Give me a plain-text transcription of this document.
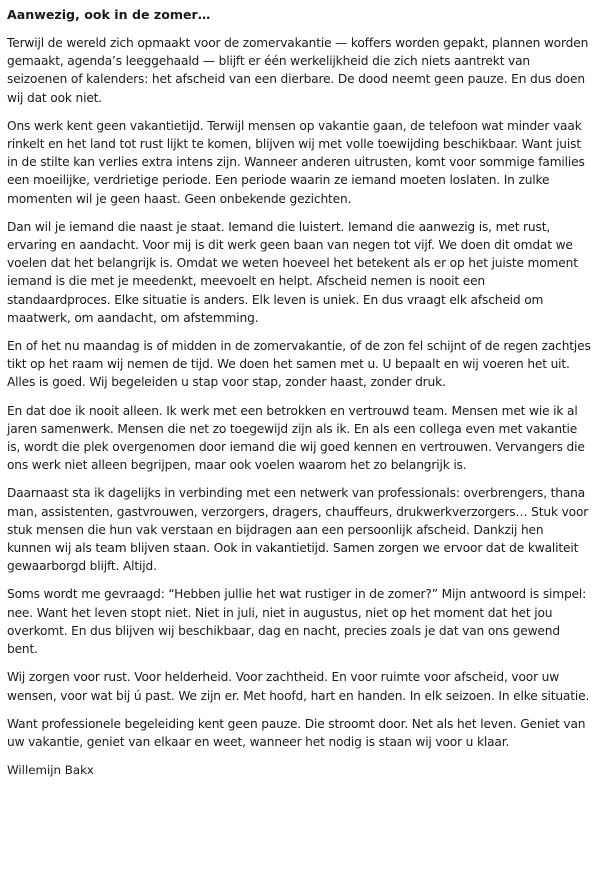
Aanwezig, ook in de zomer…

Terwijl de wereld zich opmaakt voor de zomervakantie — koffers worden gepakt, plannen worden gemaakt, agenda’s leeggehaald — blijft er één werkelijkheid die zich niets aantrekt van seizoenen of kalenders: het afscheid van een dierbare. De dood neemt geen pauze. En dus doen wij dat ook niet.

Ons werk kent geen vakantietijd. Terwijl mensen op vakantie gaan, de telefoon wat minder vaak rinkelt en het land tot rust lijkt te komen, blijven wij met volle toewijding beschikbaar. Want juist in de stilte kan verlies extra intens zijn. Wanneer anderen uitrusten, komt voor sommige families een moeilijke, verdrietige periode. Een periode waarin ze iemand moeten loslaten. In zulke momenten wil je geen haast. Geen onbekende gezichten.

Dan wil je iemand die naast je staat. Iemand die luistert. Iemand die aanwezig is, met rust, ervaring en aandacht. Voor mij is dit werk geen baan van negen tot vijf. We doen dit omdat we voelen dat het belangrijk is. Omdat we weten hoeveel het betekent als er op het juiste moment iemand is die met je meedenkt, meevoelt en helpt. Afscheid nemen is nooit een standaardproces. Elke situatie is anders. Elk leven is uniek. En dus vraagt elk afscheid om maatwerk, om aandacht, om afstemming.

En of het nu maandag is of midden in de zomervakantie, of de zon fel schijnt of de regen zachtjes tikt op het raam wij nemen de tijd. We doen het samen met u. U bepaalt en wij voeren het uit. Alles is goed. Wij begeleiden u stap voor stap, zonder haast, zonder druk.

En dat doe ik nooit alleen. Ik werk met een betrokken en vertrouwd team. Mensen met wie ik al jaren samenwerk. Mensen die net zo toegewijd zijn als ik. En als een collega even met vakantie is, wordt die plek overgenomen door iemand die wij goed kennen en vertrouwen. Vervangers die ons werk niet alleen begrijpen, maar ook voelen waarom het zo belangrijk is.

Daarnaast sta ik dagelijks in verbinding met een netwerk van professionals: overbrengers, thana man, assistenten, gastvrouwen, verzorgers, dragers, chauffeurs, drukwerkverzorgers… Stuk voor stuk mensen die hun vak verstaan en bijdragen aan een persoonlijk afscheid. Dankzij hen kunnen wij als team blijven staan. Ook in vakantietijd. Samen zorgen we ervoor dat de kwaliteit gewaarborgd blijft. Altijd.

Soms wordt me gevraagd: “Hebben jullie het wat rustiger in de zomer?” Mijn antwoord is simpel: nee. Want het leven stopt niet. Niet in juli, niet in augustus, niet op het moment dat het jou overkomt. En dus blijven wij beschikbaar, dag en nacht, precies zoals je dat van ons gewend bent.

Wij zorgen voor rust. Voor helderheid. Voor zachtheid. En voor ruimte voor afscheid, voor uw wensen, voor wat bij ú past. We zijn er. Met hoofd, hart en handen. In elk seizoen. In elke situatie.

Want professionele begeleiding kent geen pauze. Die stroomt door. Net als het leven. Geniet van uw vakantie, geniet van elkaar en weet, wanneer het nodig is staan wij voor u klaar.

Willemijn Bakx
